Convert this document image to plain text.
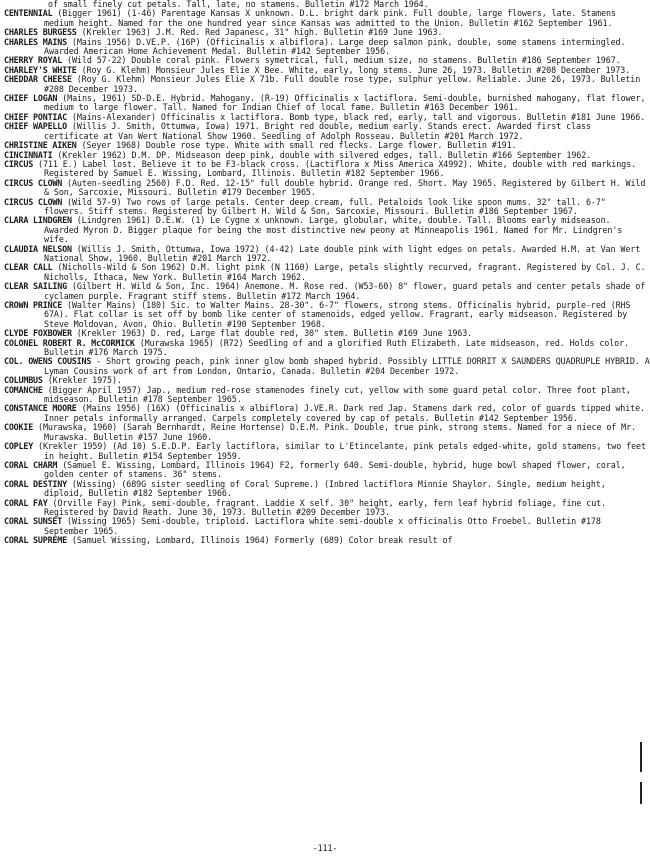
of small finely cut petals. Tall, late, no stamens. Bulletin #172 March 1964.

CENTENNIAL (Bigger 1961) (1-46) Parentage Kansas X unknown. D.L. bright dark pink. Full double, large flowers, late. Stamens medium height. Named for the one hundred year since Kansas was admitted to the Union. Bulletin #162 September 1961.

CHARLES BURGESS (Krekler 1963) J.M. Red. Red Japanesc, 31" high. Bulletin #169 June 1963.

CHARLES MAINS (Mains 1956) D.VE.P. (16P) (Officinalis x albiflora). Large deep salmon pink, double, some stamens intermingled. Awarded American Home Achievement Medal. Bulletin #142 September 1956.

CHERRY ROYAL (Wild 57-22) Double coral pink. Flowers symetrical, full, medium size, no stamens. Bulletin #186 September 1967.

CHARLEY'S WHITE (Roy G. Klehm) Monsieur Jules Elie X Bee. White, early, long stems. June 26, 1973. Bulletin #208 December 1973.

CHEDDAR CHEESE (Roy G. Klehm) Monsieur Jules Elie X 71b. Full double rose type, sulphur yellow. Reliable. June 26, 1973. Bulletin #208 December 1973.

CHIEF LOGAN (Mains, 1961) SD-D.E. Hybrid. Mahogany. (R-19) Officinalis x lactiflora. Semi-double, burnished mahogany, flat flower, medium to large flower. Tall. Named for Indian Chief of local fame. Bulletin #163 December 1961.

CHIEF PONTIAC (Mains-Alexander) Officinalis x lactiflora. Bomb type, black red, early, tall and vigorous. Bulletin #181 June 1966.

CHIEF WAPELLO (Willis J. Smith, Ottumwa, Iowa) 1971. Bright red double, medium early. Stands erect. Awarded first class certificate at Van Wert National Show 1960. Seedling of Adolph Rosseau. Bulletin #201 March 1972.

CHRISTINE AIKEN (Seyer 1968) Double rose type. White with small red flecks. Large flower. Bulletin #191.

CINCINNATI (Krekler 1962) D.M. DP. Midseason deep pink, double with silvered edges, tall. Bulletin #166 September 1962.

CIRCUS (711 E.) Label lost. Believe it to be F3-black cross. (Lactiflora x Miss America X4992). White, double with red markings. Registered by Samuel E. Wissing, Lombard, Illinois. Bulletin #182 September 1966.

CIRCUS CLOWN (Auten-seedling 2560) F.D. Red. 12-15" full double hybrid. Orange red. Short. May 1965. Registered by Gilbert H. Wild & Son, Sarcoxie, Missouri. Bulletin #179 December 1965.

CIRCUS CLOWN (Wild 57-9) Two rows of large petals. Center deep cream, full. Petaloids look like spoon mums. 32" tall. 6-7" flowers. Stiff stems. Registered by Gilbert H. Wild & Son, Sarcoxie, Missouri. Bulletin #186 September 1967.

CLARA LINDGREN (Lindgren 1961) D.E.W. (1) Le Cygne x unknown. Large, globular, white, double. Tall. Blooms early midseason. Awarded Myron D. Bigger plaque for being the most distinctive new peony at Minneapolis 1961. Named for Mr. Lindgren's wife.

CLAUDIA NELSON (Willis J. Smith, Ottumwa, Iowa 1972) (4-42) Late double pink with light edges on petals. Awarded H.M. at Van Wert National Show, 1960. Bulletin #201 March 1972.

CLEAR CALL (Nicholls-Wild & Son 1962) D.M. light pink (N 1160) Large, petals slightly recurved, fragrant. Registered by Col. J. C. Nicholls, Ithaca, New York. Bulletin #164 March 1962.

CLEAR SAILING (Gilbert H. Wild & Son, Inc. 1964) Anemone. M. Rose red. (W53-60) 8" flower, guard petals and center petals shade of cyclamen purple. Fragrant stiff stems. Bulletin #172 March 1964.

CROWN PRINCE (Walter Mains) (180) Sic. to Walter Mains. 28-30". 6-7" flowers, strong stems. Officinalis hybrid, purple-red (RHS 67A). Flat collar is set off by bomb like center of stamenoids, edged yellow. Fragrant, early midseason. Registered by Steve Moldovan, Avon, Ohio. Bulletin #190 September 1968.

CLYDE FOXBOWER (Krekler 1963) D. red, Large flat double red, 30" stem. Bulletin #169 June 1963.

COLONEL ROBERT R. McCORMICK (Murawska 1965) (R72) Seedling of and a glorified Ruth Elizabeth. Late midseason, red. Holds color. Bulletin #176 March 1975.

COL. OWENS COUSINS - Short growing peach, pink inner glow bomb shaped hybrid. Possibly LITTLE DORRIT X SAUNDERS QUADRUPLE HYBRID. A Lyman Cousins work of art from London, Ontario, Canada. Bulletin #204 December 1972.

COLUMBUS (Krekler 1975).

COMANCHE (Bigger April 1957) Jap., medium red-rose stamenodes finely cut, yellow with some guard petal color. Three foot plant, midseason. Bulletin #178 September 1965.

CONSTANCE MOORE (Mains 1956) (16X) (Officinalis x albiflora) J.VE.R. Dark red Jap. Stamens dark red, color of guards tipped white. Inner petals informally arranged. Carpels completely covered by cap of petals. Bulletin #142 September 1956.

COOKIE (Murawska, 1960) (Sarah Bernhardt, Reine Hortense) D.E.M. Pink. Double, true pink, strong stems. Named for a niece of Mr. Murawska. Bulletin #157 June 1960.

COPLEY (Krekler 1959) (Ad 10) S.E.D.P. Early lactiflora, similar to L'Etincelante, pink petals edged-white, gold stamens, two feet in height. Bulletin #154 September 1959.

CORAL CHARM (Samuel E. Wissing, Lombard, Illinois 1964) F2, formerly 640. Semi-double, hybrid, huge bowl shaped flower, coral, golden center of stamens. 36" stems.

CORAL DESTINY (Wissing) (689G sister seedling of Coral Supreme.) (Inbred lactiflora Minnie Shaylor. Single, medium height, diploid, Bulletin #182 September 1966.

CORAL FAY (Orville Fay) Pink, semi-double, fragrant. Laddie X self. 30" height, early, fern leaf hybrid foliage, fine cut. Registered by David Reath. June 30, 1973. Bulletin #209 December 1973.

CORAL SUNSET (Wissing 1965) Semi-double, triploid. Lactiflora white semi-double x officinalis Otto Froebel. Bulletin #178 September 1965.

CORAL SUPREME (Samuel Wissing, Lombard, Illinois 1964) Formerly (689) Color break result of

-111-
